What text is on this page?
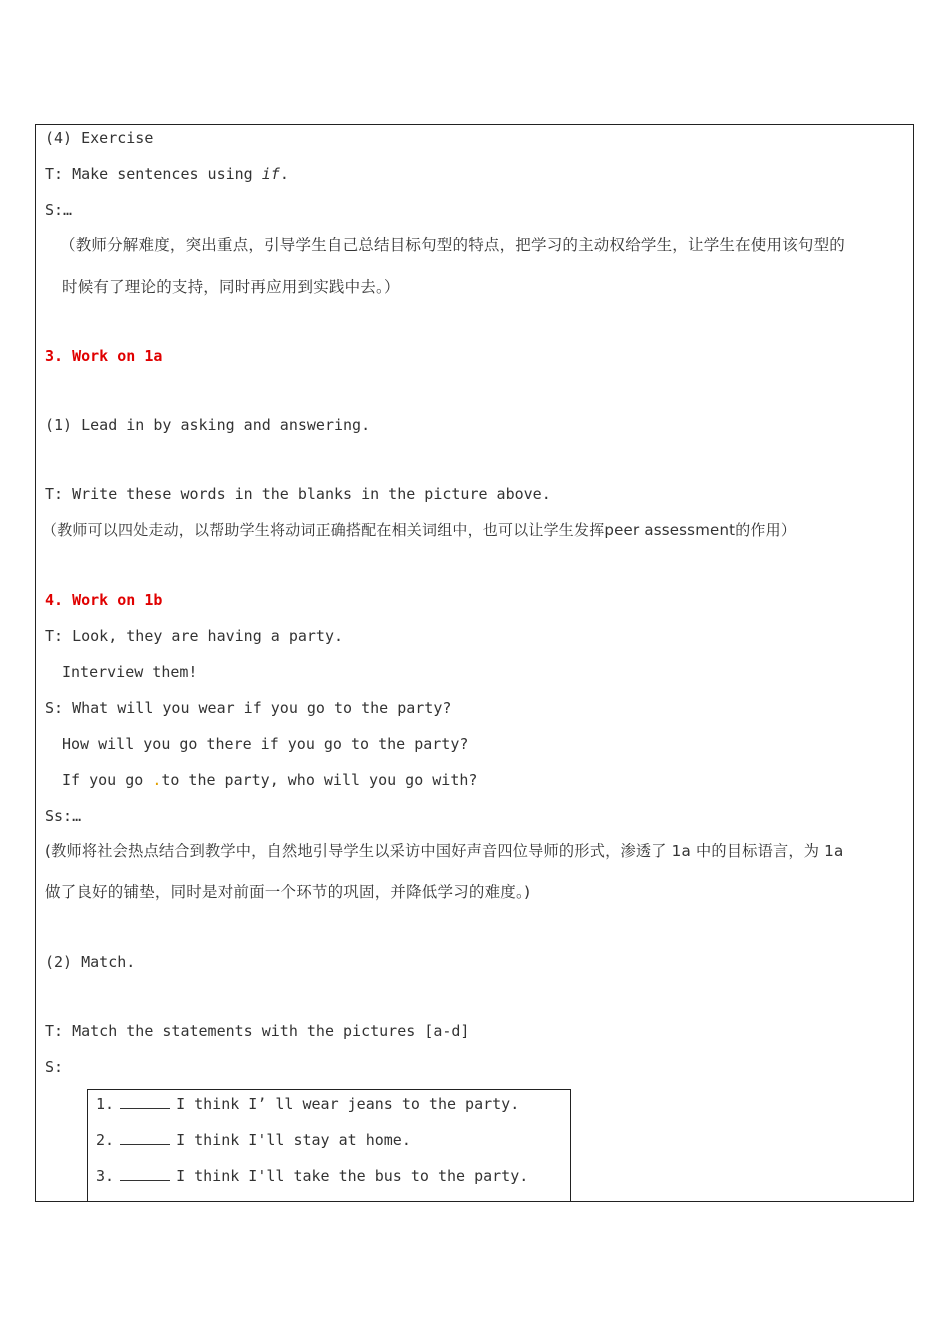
(4) Exercise
T: Make sentences using if.
S:…
（教师分解难度，突出重点，引导学生自己总结目标句型的特点，把学习的主动权给学生，让学生在使用该句型的
时候有了理论的支持，同时再应用到实践中去。）
3. Work on 1a
(1) Lead in by asking and answering.
T: Write these words in the blanks in the picture above.
（教师可以四处走动，以帮助学生将动词正确搭配在相关词组中，也可以让学生发挥peer assessment的作用）
4. Work on 1b
T: Look, they are having a party.
Interview them!
S: What will you wear if you go to the party?
How will you go there if you go to the party?
If you go .to the party, who will you go with?
Ss:…
(教师将社会热点结合到教学中，自然地引导学生以采访中国好声音四位导师的形式，渗透了 1a 中的目标语言，为 1a
做了良好的铺垫，同时是对前面一个环节的巩固，并降低学习的难度。)
(2) Match.
T: Match the statements with the pictures [a-d]
S:
1.	I think I’ ll wear jeans to the party.
2.	I think I'll stay at home.
3.	I think I'll take the bus to the party.
